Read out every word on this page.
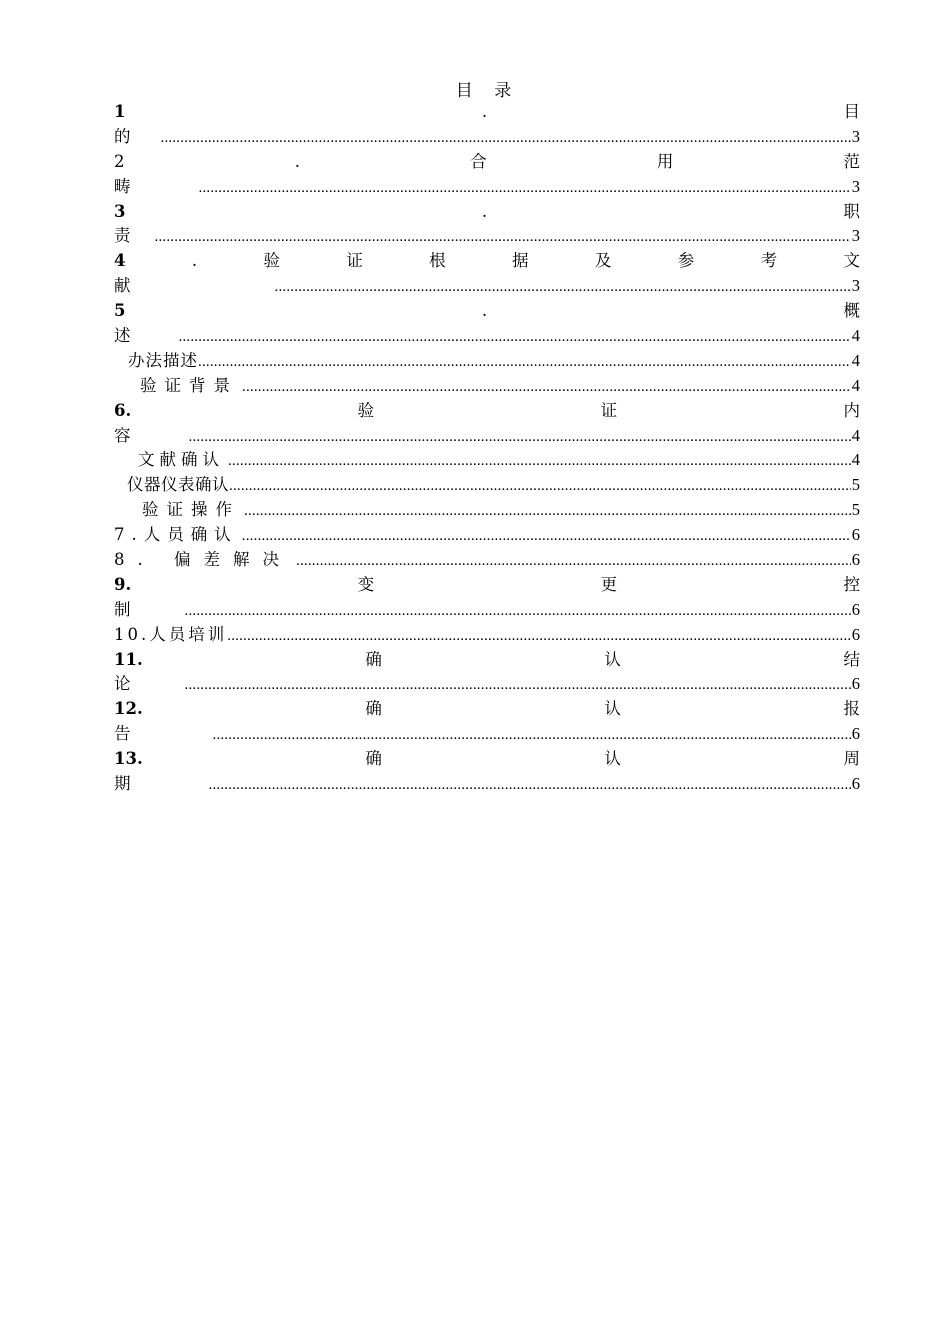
目 录
1	.	目
的 .....	3
2	.	合	用	范
畴 .....	3
3	.	职
责 .....	3
4	.	验	证	根	据	及	参	考	文
献 .....	3
5	.	概
述 .....	4
办法描述 .....	4
验证背景 .....	4
6.	验	证	内
容 .....	4
文献确认 .....	4
仪器仪表确认 .....	5
验证操作 .....	5
7.人员确认 .....	6
8. 偏差解决 .....	6
9.	变	更	控
制 .....	6
10.人员培训 .....	6
11.	确	认	结
论 .....	6
12.	确	认	报
告 .....	6
13.	确	认	周
期 .....	6
